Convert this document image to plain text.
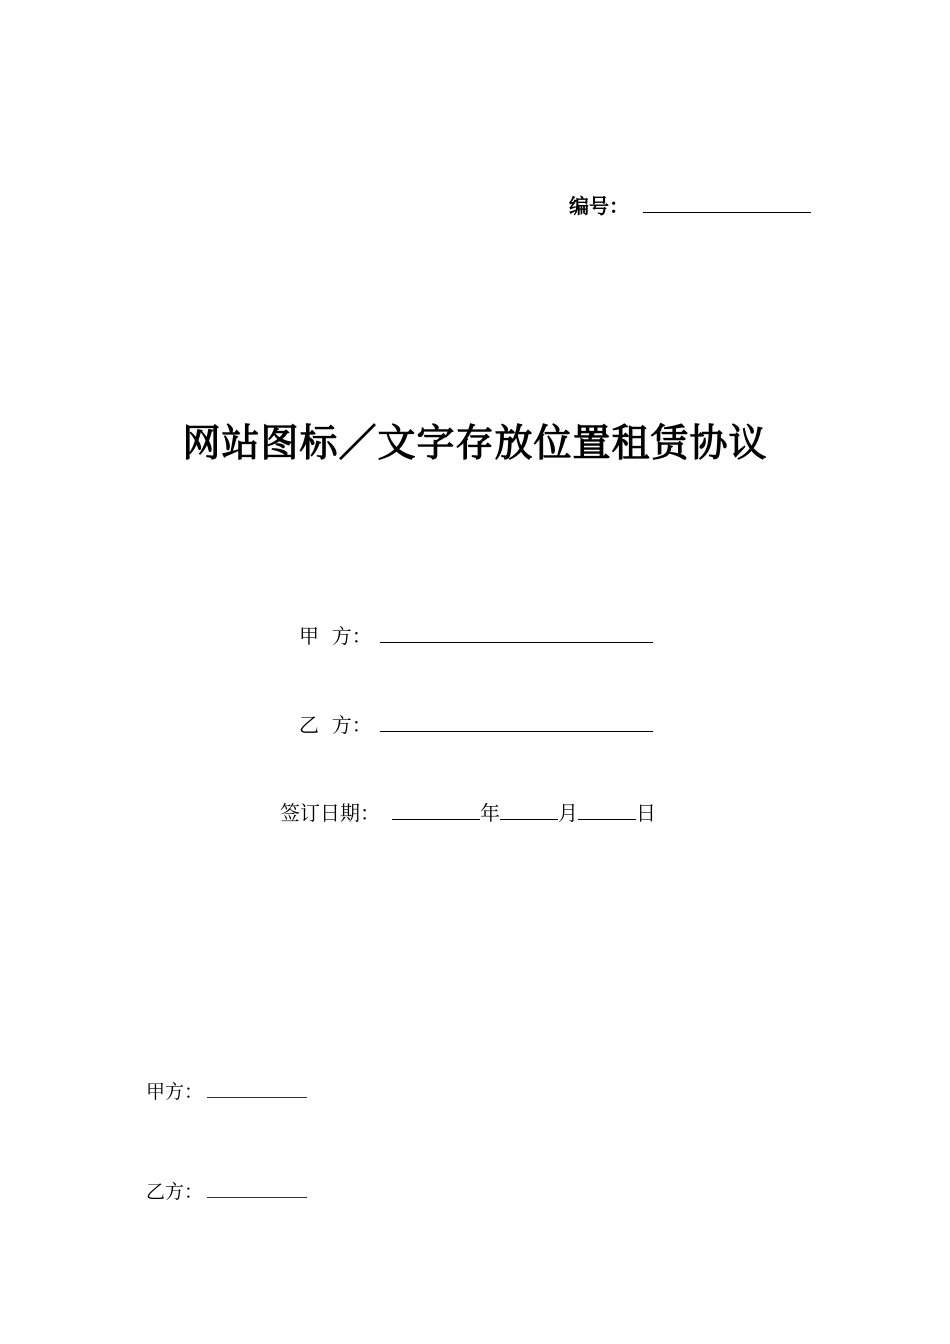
编号：
网站图标／文字存放位置租赁协议
甲  方：
乙  方：
签订日期：	年	月	日
甲方：
乙方：
